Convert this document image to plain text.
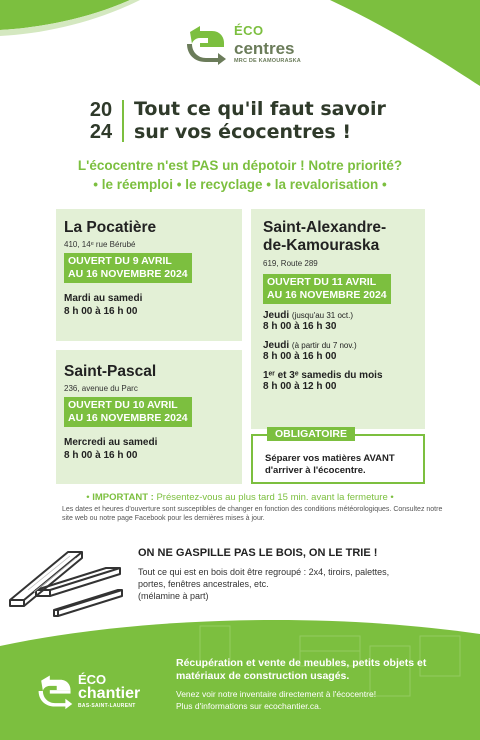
ÉCO
centres
MRC DE KAMOURASKA
20
24
Tout ce qu'il faut savoir
sur vos écocentres !
L'écocentre n'est PAS un dépotoir ! Notre priorité?
• le réemploi • le recyclage • la revalorisation •
La Pocatière
410, 14ᵉ rue Bérubé
OUVERT DU 9 AVRIL
AU 16 NOVEMBRE 2024
Mardi au samedi
8 h 00 à 16 h 00
Saint-Pascal
236, avenue du Parc
OUVERT DU 10 AVRIL
AU 16 NOVEMBRE 2024
Mercredi au samedi
8 h 00 à 16 h 00
Saint-Alexandre-
de-Kamouraska
619, Route 289
OUVERT DU 11 AVRIL
AU 16 NOVEMBRE 2024
Jeudi (jusqu'au 31 oct.)
8 h 00 à 16 h 30
Jeudi (à partir du 7 nov.)
8 h 00 à 16 h 00
1ᵉʳ et 3ᵉ samedis du mois
8 h 00 à 12 h 00
OBLIGATOIRE
Séparer vos matières AVANT d'arriver à l'écocentre.
• IMPORTANT : Présentez-vous au plus tard 15 min. avant la fermeture •
Les dates et heures d'ouverture sont susceptibles de changer en fonction des conditions météorologiques. Consultez notre site web ou notre page Facebook pour les dernières mises à jour.
ON NE GASPILLE PAS LE BOIS, ON LE TRIE !
Tout ce qui est en bois doit être regroupé : 2x4, tiroirs, palettes, portes, fenêtres ancestrales, etc.
(mélamine à part)
ÉCO
chantier
BAS-SAINT-LAURENT
Récupération et vente de meubles, petits objets et matériaux de construction usagés.
Venez voir notre inventaire directement à l'écocentre!
Plus d'informations sur ecochantier.ca.
